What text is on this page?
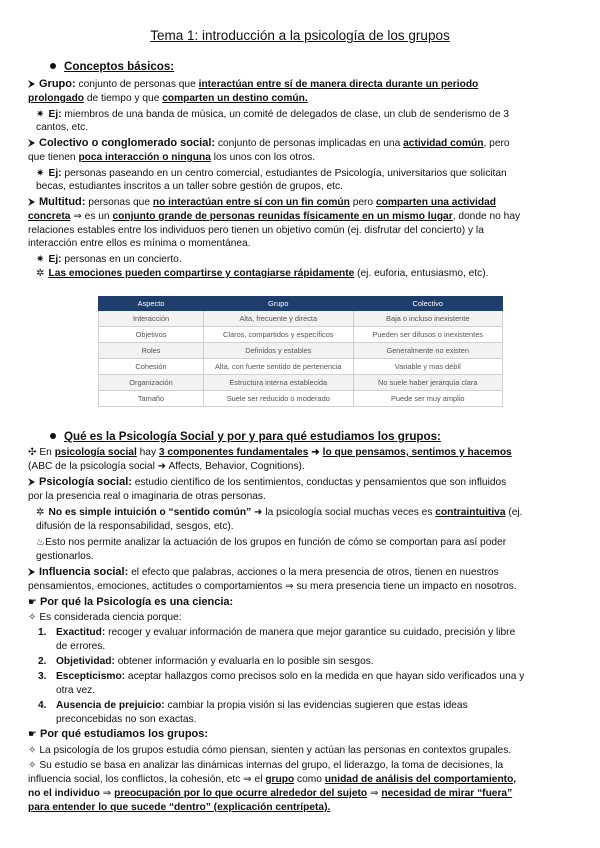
Tema 1: introducción a la psicología de los grupos
Conceptos básicos:
Grupo: conjunto de personas que interactúan entre sí de manera directa durante un periodo
prolongado de tiempo y que comparten un destino común.
✷ Ej: miembros de una banda de música, un comité de delegados de clase, un club de senderismo de 3
cantos, etc.
Colectivo o conglomerado social: conjunto de personas implicadas en una actividad común, pero
que tienen poca interacción o ninguna los unos con los otros.
✷ Ej: personas paseando en un centro comercial, estudiantes de Psicología, universitarios que solicitan
becas, estudiantes inscritos a un taller sobre gestión de grupos, etc.
Multitud: personas que no interactúan entre sí con un fin común pero comparten una actividad
concreta ⇒ es un conjunto grande de personas reunidas físicamente en un mismo lugar, donde no hay
relaciones estables entre los individuos pero tienen un objetivo común (ej. disfrutar del concierto) y la
interacción entre ellos es mínima o momentánea.
✷ Ej: personas en un concierto.
✲ Las emociones pueden compartirse y contagiarse rápidamente (ej. euforia, entusiasmo, etc).
Aspecto	Grupo	Colectivo
Interacción	Alta, frecuente y directa	Baja o incluso inexistente
Objetivos	Claros, compartidos y específicos	Pueden ser difusos o inexistentes
Roles	Definidos y estables	Generalmente no existen
Cohesión	Alta, con fuerte sentido de pertenencia	Variable y mas débil
Organización	Estructura interna establecida	No suele haber jerarquía clara
Tamaño	Suele ser reducido o moderado	Puede ser muy amplio
Qué es la Psicología Social y por y para qué estudiamos los grupos:
✣ En psicología social hay 3 componentes fundamentales ➜ lo que pensamos, sentimos y hacemos
(ABC de la psicología social ➜ Affects, Behavior, Cognitions).
Psicología social: estudio científico de los sentimientos, conductas y pensamientos que son influidos
por la presencia real o imaginaria de otras personas.
✲ No es simple intuición o “sentido común” ➜ la psicología social muchas veces es contraintuitiva (ej.
difusión de la responsabilidad, sesgos, etc).
♨Esto nos permite analizar la actuación de los grupos en función de cómo se comportan para así poder
gestionarlos.
Influencia social: el efecto que palabras, acciones o la mera presencia de otros, tienen en nuestros
pensamientos, emociones, actitudes o comportamientos ⇒ su mera presencia tiene un impacto en nosotros.
☛ Por qué la Psicología es una ciencia:
✧ Es considerada ciencia porque:
1. Exactitud: recoger y evaluar información de manera que mejor garantice su cuidado, precisión y libre
de errores.
2. Objetividad: obtener información y evaluarla en lo posible sin sesgos.
3. Escepticismo: aceptar hallazgos como precisos solo en la medida en que hayan sido verificados una y
otra vez.
4. Ausencia de prejuicio: cambiar la propia visión si las evidencias sugieren que estas ideas
preconcebidas no son exactas.
☛ Por qué estudiamos los grupos:
✧ La psicología de los grupos estudia cómo piensan, sienten y actúan las personas en contextos grupales.
✧ Su estudio se basa en analizar las dinámicas internas del grupo, el liderazgo, la toma de decisiones, la
influencia social, los conflictos, la cohesión, etc ⇒ el grupo como unidad de análisis del comportamiento,
no el individuo ⇒ preocupación por lo que ocurre alrededor del sujeto ⇒ necesidad de mirar “fuera”
para entender lo que sucede “dentro” (explicación centrípeta).
